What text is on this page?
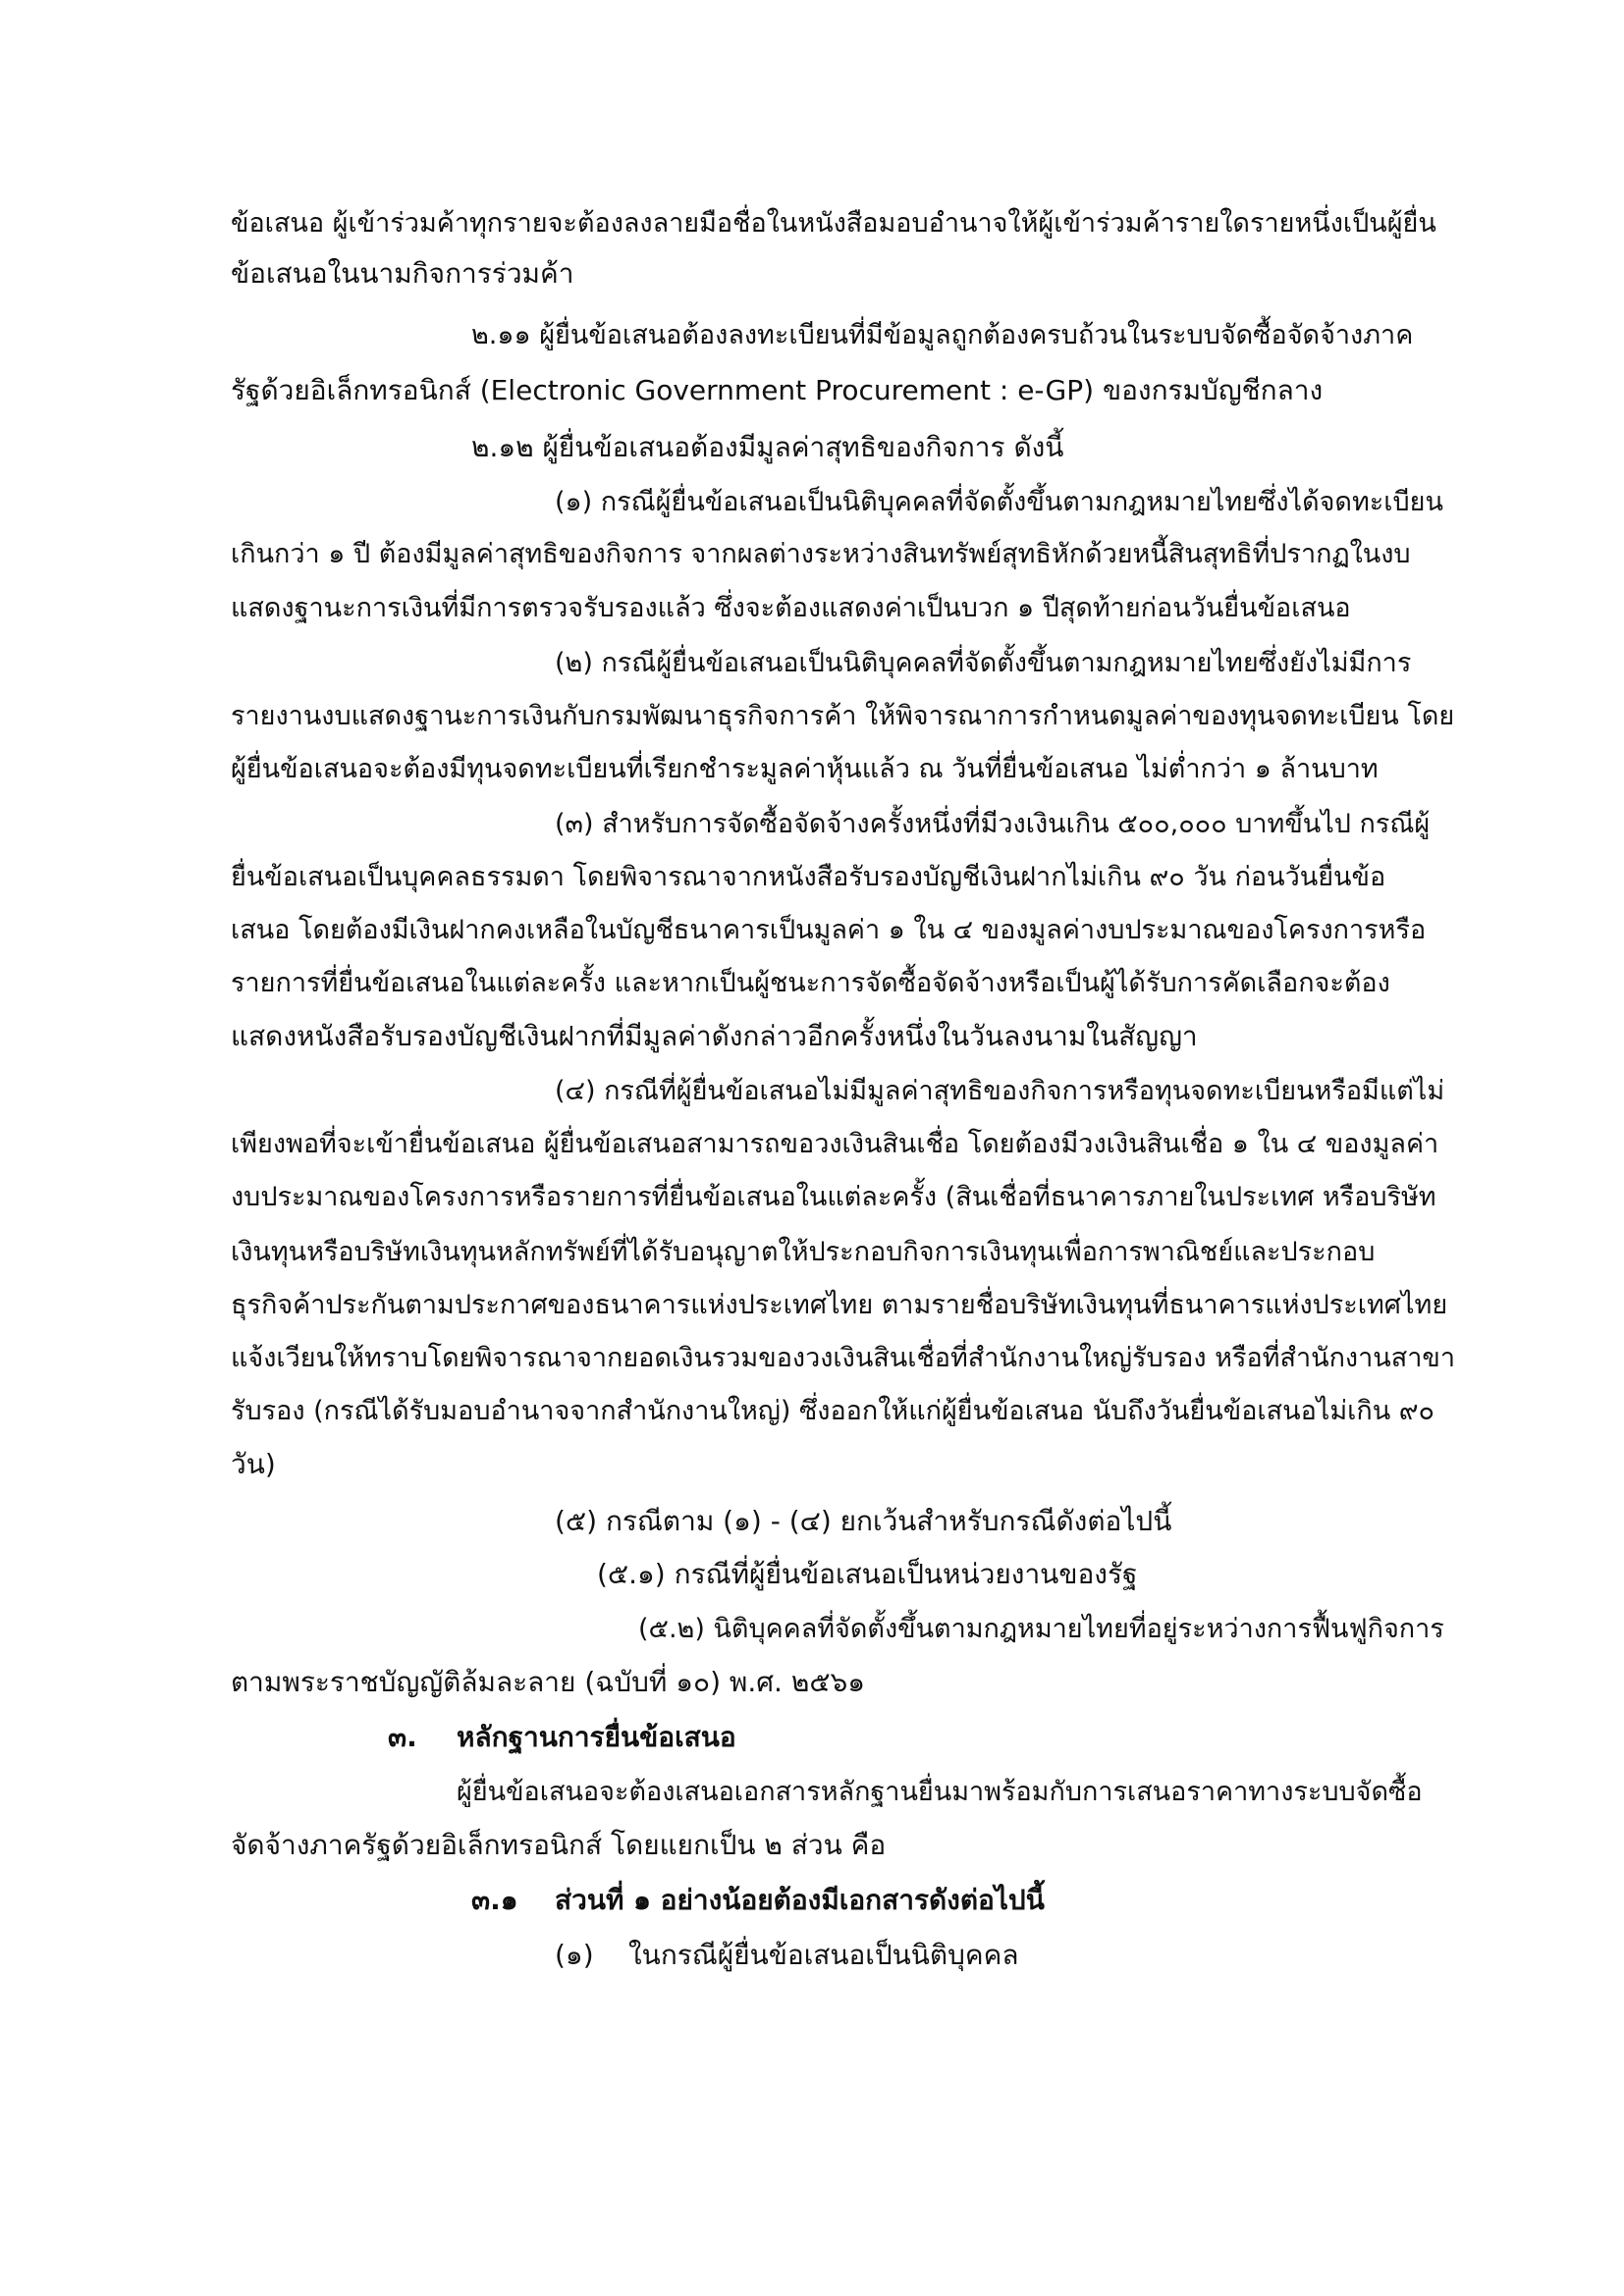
ข้อเสนอ ผู้เข้าร่วมค้าทุกรายจะต้องลงลายมือชื่อในหนังสือมอบอำนาจให้ผู้เข้าร่วมค้ารายใดรายหนึ่งเป็นผู้ยื่น
ข้อเสนอในนามกิจการร่วมค้า
๒.๑๑ ผู้ยื่นข้อเสนอต้องลงทะเบียนที่มีข้อมูลถูกต้องครบถ้วนในระบบจัดซื้อจัดจ้างภาค
รัฐด้วยอิเล็กทรอนิกส์ (Electronic Government Procurement : e-GP) ของกรมบัญชีกลาง
๒.๑๒ ผู้ยื่นข้อเสนอต้องมีมูลค่าสุทธิของกิจการ ดังนี้
(๑) กรณีผู้ยื่นข้อเสนอเป็นนิติบุคคลที่จัดตั้งขึ้นตามกฎหมายไทยซึ่งได้จดทะเบียน
เกินกว่า ๑ ปี ต้องมีมูลค่าสุทธิของกิจการ จากผลต่างระหว่างสินทรัพย์สุทธิหักด้วยหนี้สินสุทธิที่ปรากฏในงบ
แสดงฐานะการเงินที่มีการตรวจรับรองแล้ว ซึ่งจะต้องแสดงค่าเป็นบวก ๑ ปีสุดท้ายก่อนวันยื่นข้อเสนอ
(๒) กรณีผู้ยื่นข้อเสนอเป็นนิติบุคคลที่จัดตั้งขึ้นตามกฎหมายไทยซึ่งยังไม่มีการ
รายงานงบแสดงฐานะการเงินกับกรมพัฒนาธุรกิจการค้า ให้พิจารณาการกำหนดมูลค่าของทุนจดทะเบียน โดย
ผู้ยื่นข้อเสนอจะต้องมีทุนจดทะเบียนที่เรียกชำระมูลค่าหุ้นแล้ว ณ วันที่ยื่นข้อเสนอ ไม่ต่ำกว่า ๑ ล้านบาท
(๓) สำหรับการจัดซื้อจัดจ้างครั้งหนึ่งที่มีวงเงินเกิน ๕๐๐,๐๐๐ บาทขึ้นไป กรณีผู้
ยื่นข้อเสนอเป็นบุคคลธรรมดา โดยพิจารณาจากหนังสือรับรองบัญชีเงินฝากไม่เกิน ๙๐ วัน ก่อนวันยื่นข้อ
เสนอ โดยต้องมีเงินฝากคงเหลือในบัญชีธนาคารเป็นมูลค่า ๑ ใน ๔ ของมูลค่างบประมาณของโครงการหรือ
รายการที่ยื่นข้อเสนอในแต่ละครั้ง และหากเป็นผู้ชนะการจัดซื้อจัดจ้างหรือเป็นผู้ได้รับการคัดเลือกจะต้อง
แสดงหนังสือรับรองบัญชีเงินฝากที่มีมูลค่าดังกล่าวอีกครั้งหนึ่งในวันลงนามในสัญญา
(๔) กรณีที่ผู้ยื่นข้อเสนอไม่มีมูลค่าสุทธิของกิจการหรือทุนจดทะเบียนหรือมีแต่ไม่
เพียงพอที่จะเข้ายื่นข้อเสนอ ผู้ยื่นข้อเสนอสามารถขอวงเงินสินเชื่อ โดยต้องมีวงเงินสินเชื่อ ๑ ใน ๔ ของมูลค่า
งบประมาณของโครงการหรือรายการที่ยื่นข้อเสนอในแต่ละครั้ง (สินเชื่อที่ธนาคารภายในประเทศ หรือบริษัท
เงินทุนหรือบริษัทเงินทุนหลักทรัพย์ที่ได้รับอนุญาตให้ประกอบกิจการเงินทุนเพื่อการพาณิชย์และประกอบ
ธุรกิจค้าประกันตามประกาศของธนาคารแห่งประเทศไทย ตามรายชื่อบริษัทเงินทุนที่ธนาคารแห่งประเทศไทย
แจ้งเวียนให้ทราบโดยพิจารณาจากยอดเงินรวมของวงเงินสินเชื่อที่สำนักงานใหญ่รับรอง หรือที่สำนักงานสาขา
รับรอง (กรณีได้รับมอบอำนาจจากสำนักงานใหญ่) ซึ่งออกให้แก่ผู้ยื่นข้อเสนอ นับถึงวันยื่นข้อเสนอไม่เกิน ๙๐
วัน)
(๕) กรณีตาม (๑) - (๔) ยกเว้นสำหรับกรณีดังต่อไปนี้
(๕.๑) กรณีที่ผู้ยื่นข้อเสนอเป็นหน่วยงานของรัฐ
(๕.๒) นิติบุคคลที่จัดตั้งขึ้นตามกฎหมายไทยที่อยู่ระหว่างการฟื้นฟูกิจการ
ตามพระราชบัญญัติล้มละลาย (ฉบับที่ ๑๐) พ.ศ. ๒๕๖๑
๓. หลักฐานการยื่นข้อเสนอ
ผู้ยื่นข้อเสนอจะต้องเสนอเอกสารหลักฐานยื่นมาพร้อมกับการเสนอราคาทางระบบจัดซื้อ
จัดจ้างภาครัฐด้วยอิเล็กทรอนิกส์ โดยแยกเป็น ๒ ส่วน คือ
๓.๑ ส่วนที่ ๑ อย่างน้อยต้องมีเอกสารดังต่อไปนี้
(๑) ในกรณีผู้ยื่นข้อเสนอเป็นนิติบุคคล
